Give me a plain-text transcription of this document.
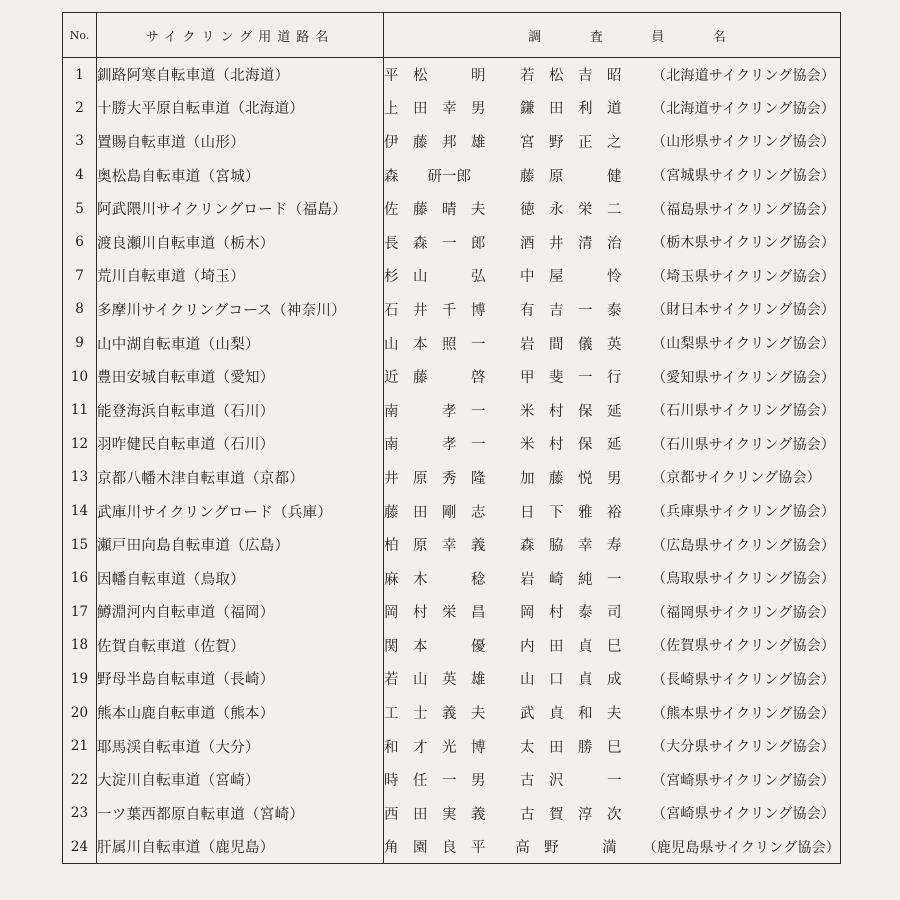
No.	サイクリング用道路名	調 査 員 名

1	釧路阿寒自転車道（北海道）	平　松　　　明 若　松　吉　昭 （北海道サイクリング協会）

2	十勝大平原自転車道（北海道）	上　田　幸　男 鎌　田　利　道 （北海道サイクリング協会）

3	置賜自転車道（山形）	伊　藤　邦　雄 宮　野　正　之 （山形県サイクリング協会）

4	奥松島自転車道（宮城）	森　　研一郎 藤　原　　　健 （宮城県サイクリング協会）

5	阿武隈川サイクリングロード（福島）	佐　藤　晴　夫 徳　永　栄　二 （福島県サイクリング協会）

6	渡良瀬川自転車道（栃木）	長　森　一　郎 酒　井　清　治 （栃木県サイクリング協会）

7	荒川自転車道（埼玉）	杉　山　　　弘 中　屋　　　怜 （埼玉県サイクリング協会）

8	多摩川サイクリングコース（神奈川）	石　井　千　博 有　吉　一　泰 （財日本サイクリング協会）

9	山中湖自転車道（山梨）	山　本　照　一 岩　間　儀　英 （山梨県サイクリング協会）

10	豊田安城自転車道（愛知）	近　藤　　　啓 甲　斐　一　行 （愛知県サイクリング協会）

11	能登海浜自転車道（石川）	南　　　孝　一 米　村　保　延 （石川県サイクリング協会）

12	羽咋健民自転車道（石川）	南　　　孝　一 米　村　保　延 （石川県サイクリング協会）

13	京都八幡木津自転車道（京都）	井　原　秀　隆 加　藤　悦　男 （京都サイクリング協会）

14	武庫川サイクリングロード（兵庫）	藤　田　剛　志 日　下　雅　裕 （兵庫県サイクリング協会）

15	瀬戸田向島自転車道（広島）	柏　原　幸　義 森　脇　幸　寿 （広島県サイクリング協会）

16	因幡自転車道（鳥取）	麻　木　　　稔 岩　崎　純　一 （鳥取県サイクリング協会）

17	鱒淵河内自転車道（福岡）	岡　村　栄　昌 岡　村　泰　司 （福岡県サイクリング協会）

18	佐賀自転車道（佐賀）	関　本　　　優 内　田　貞　巳 （佐賀県サイクリング協会）

19	野母半島自転車道（長崎）	若　山　英　雄 山　口　貞　成 （長崎県サイクリング協会）

20	熊本山鹿自転車道（熊本）	工　士　義　夫 武　貞　和　夫 （熊本県サイクリング協会）

21	耶馬渓自転車道（大分）	和　才　光　博 太　田　勝　巳 （大分県サイクリング協会）

22	大淀川自転車道（宮崎）	時　任　一　男 古　沢　　　一 （宮崎県サイクリング協会）

23	一ツ葉西都原自転車道（宮崎）	西　田　実　義 古　賀　淳　次 （宮崎県サイクリング協会）

24	肝属川自転車道（鹿児島）	角　園　良　平 高　野　　　満 （鹿児島県サイクリング協会）
